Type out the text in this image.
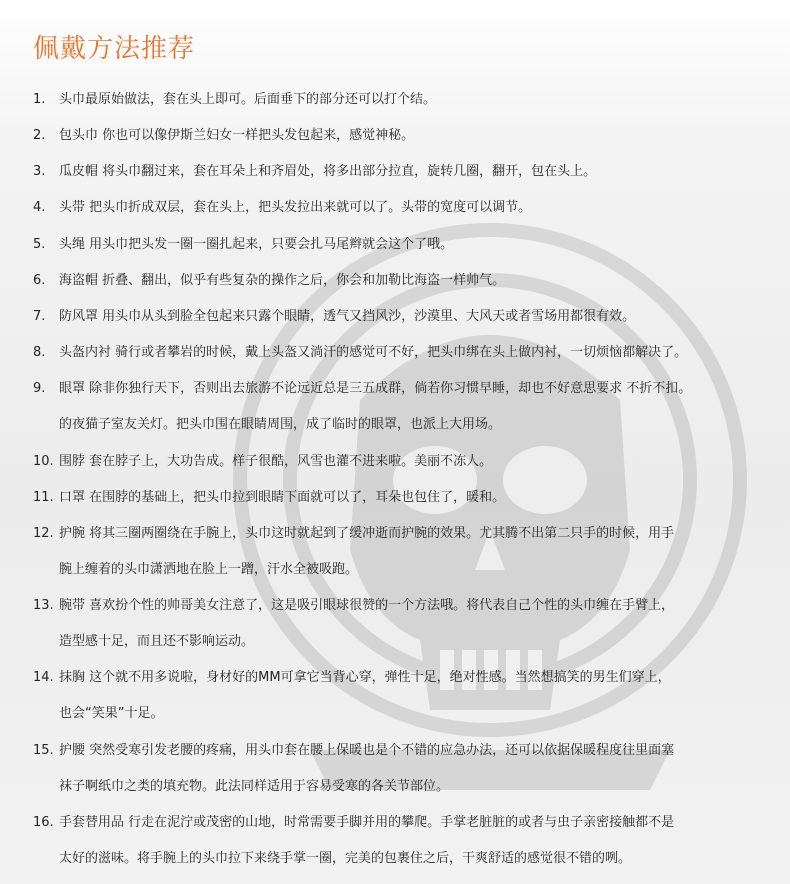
佩戴方法推荐
1. 头巾最原始做法，套在头上即可。后面垂下的部分还可以打个结。
2. 包头巾 你也可以像伊斯兰妇女一样把头发包起来，感觉神秘。
3. 瓜皮帽 将头巾翻过来，套在耳朵上和齐眉处，将多出部分拉直，旋转几圈，翻开，包在头上。
4. 头带 把头巾折成双层，套在头上，把头发拉出来就可以了。头带的宽度可以调节。
5. 头绳 用头巾把头发一圈一圈扎起来，只要会扎马尾辫就会这个了哦。
6. 海盗帽 折叠、翻出，似乎有些复杂的操作之后，你会和加勒比海盗一样帅气。
7. 防风罩 用头巾从头到脸全包起来只露个眼睛，透气又挡风沙，沙漠里、大风天或者雪场用都很有效。
8. 头盔内衬 骑行或者攀岩的时候，戴上头盔又淌汗的感觉可不好，把头巾绑在头上做内衬，一切烦恼都解决了。
9. 眼罩 除非你独行天下，否则出去旅游不论远近总是三五成群，倘若你习惯早睡，却也不好意思要求 不折不扣。
的夜猫子室友关灯。把头巾围在眼睛周围，成了临时的眼罩，也派上大用场。
10. 围脖 套在脖子上，大功告成。样子很酷，风雪也灌不进来啦。美丽不冻人。
11. 口罩 在围脖的基础上，把头巾拉到眼睛下面就可以了，耳朵也包住了，暖和。
12. 护腕 将其三圈两圈绕在手腕上，头巾这时就起到了缓冲逝而护腕的效果。尤其腾不出第二只手的时候，用手
腕上缠着的头巾潇洒地在脸上一蹭，汗水全被吸跑。
13. 腕带 喜欢扮个性的帅哥美女注意了，这是吸引眼球很赞的一个方法哦。将代表自己个性的头巾缠在手臂上，
造型感十足，而且还不影响运动。
14. 抹胸 这个就不用多说啦，身材好的MM可拿它当背心穿，弹性十足，绝对性感。当然想搞笑的男生们穿上，
也会“笑果”十足。
15. 护腰 突然受寒引发老腰的疼痛，用头巾套在腰上保暖也是个不错的应急办法，还可以依据保暖程度往里面塞
袜子啊纸巾之类的填充物。此法同样适用于容易受寒的各关节部位。
16. 手套替用品 行走在泥泞或茂密的山地，时常需要手脚并用的攀爬。手掌老脏脏的或者与虫子亲密接触都不是
太好的滋味。将手腕上的头巾拉下来绕手掌一圈，完美的包裹住之后，干爽舒适的感觉很不错的咧。
